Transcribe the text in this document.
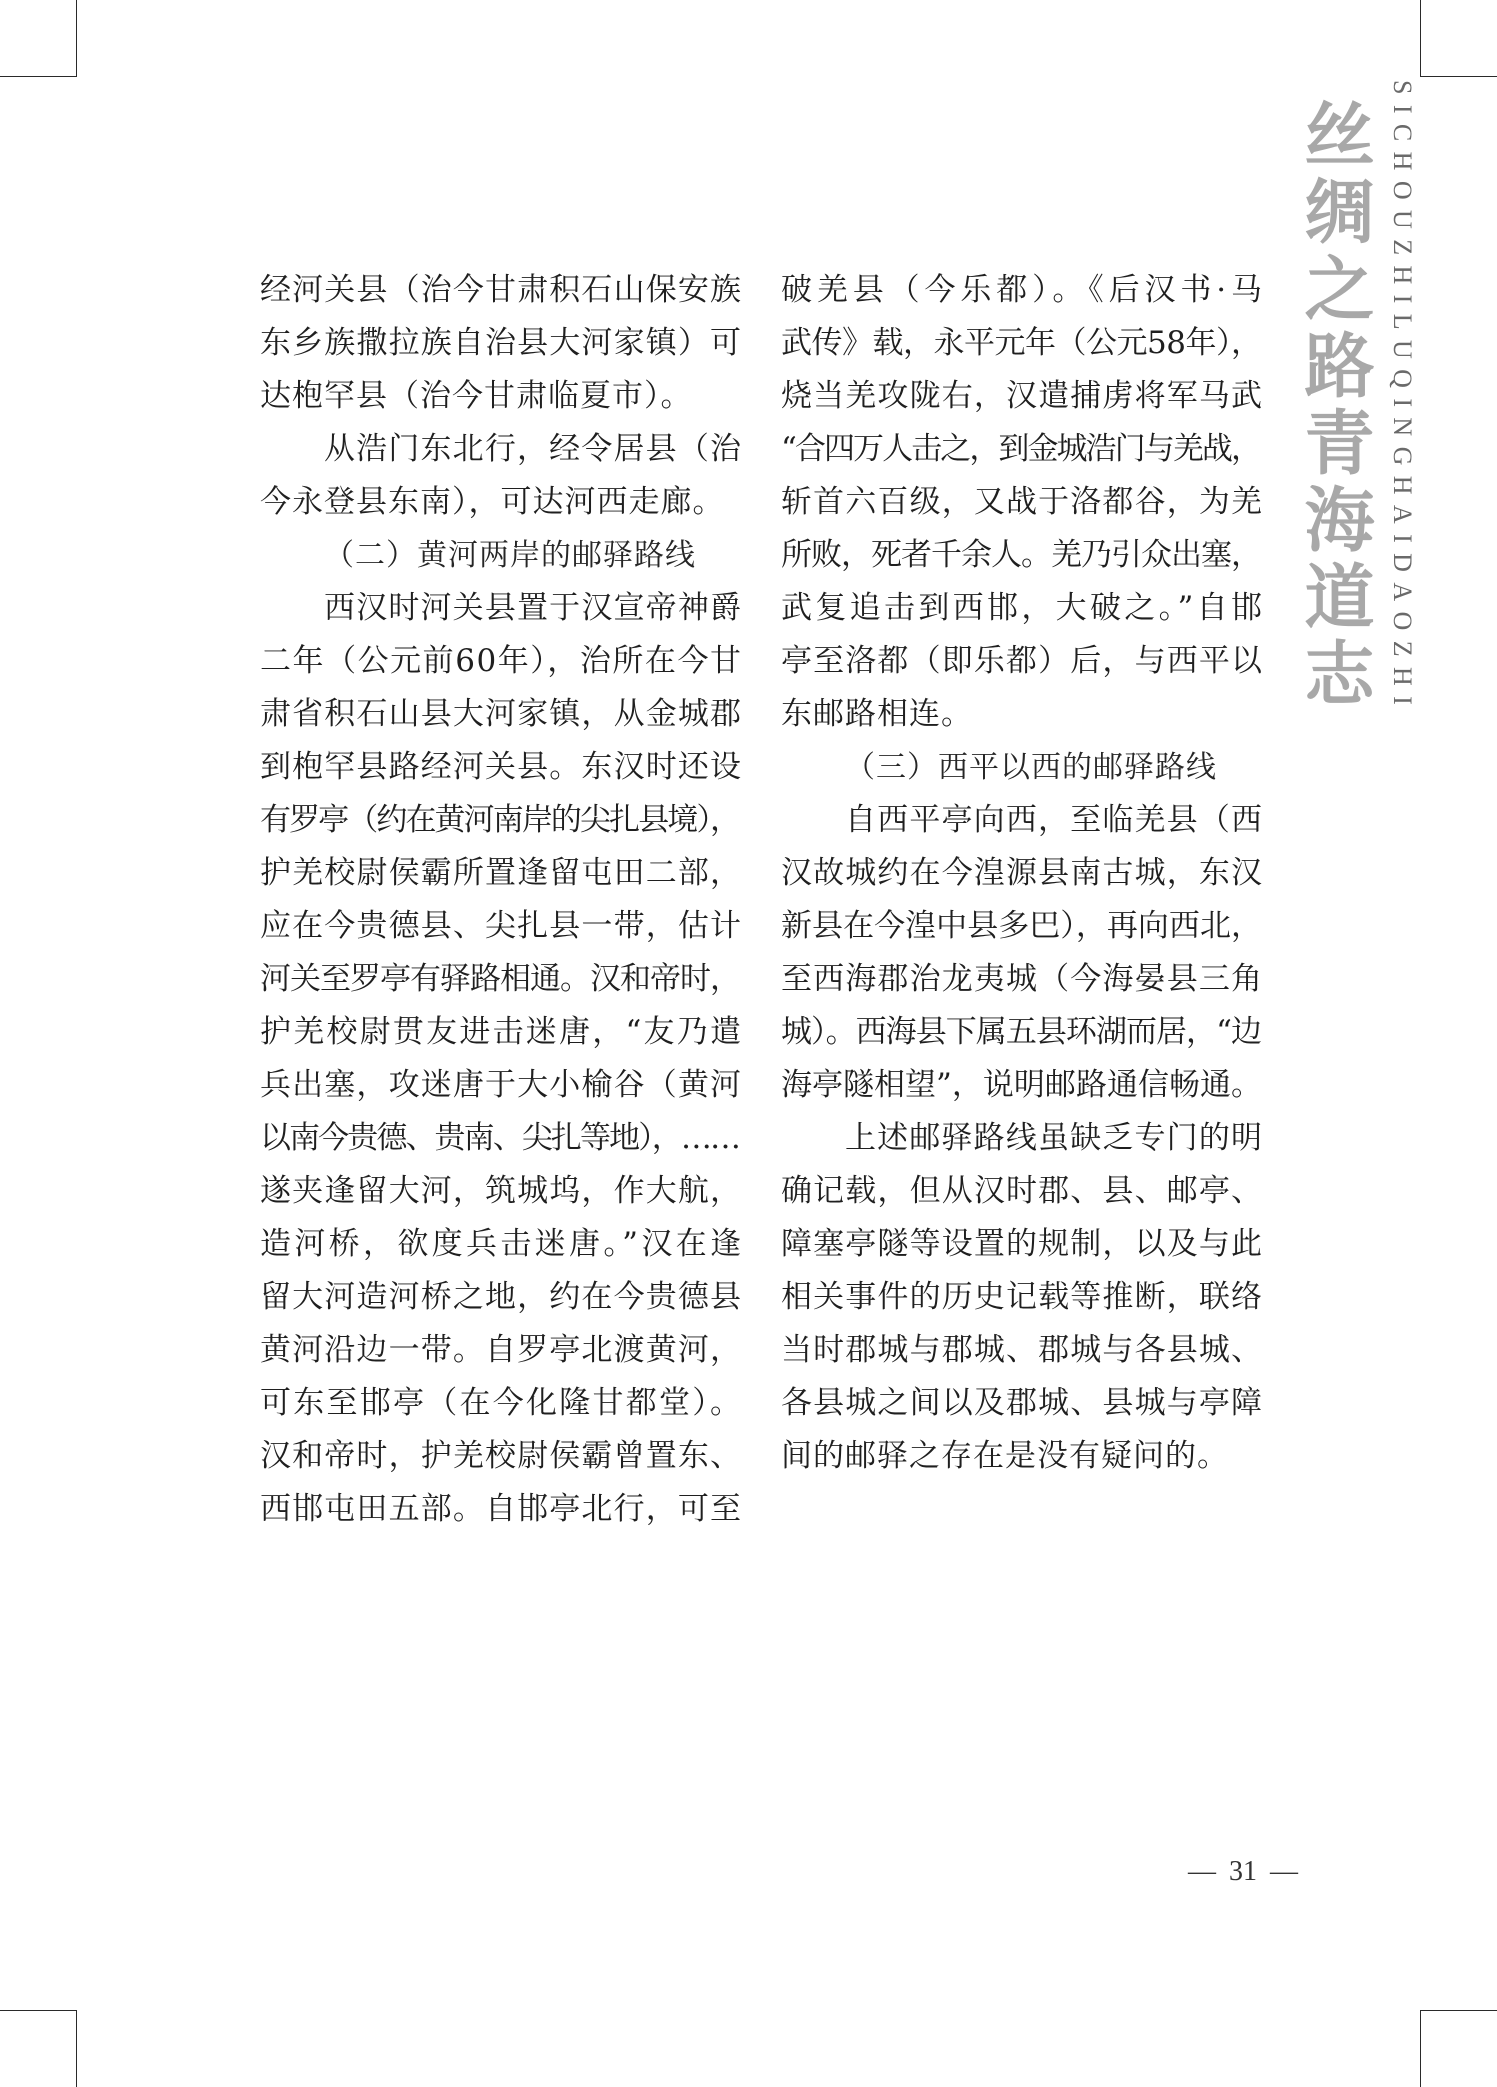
丝绸之路青海道志 SICHOUZHILUQINGHAIDAOZHI
经河关县（治今甘肃积石山保安族
东乡族撒拉族自治县大河家镇）可
达枹罕县（治今甘肃临夏市）。
从浩门东北行，经令居县（治
今永登县东南），可达河西走廊。
（二）黄河两岸的邮驿路线
西汉时河关县置于汉宣帝神爵
二年（公元前60年），治所在今甘
肃省积石山县大河家镇，从金城郡
到枹罕县路经河关县。东汉时还设
有罗亭（约在黄河南岸的尖扎县境），
护羌校尉侯霸所置逢留屯田二部，
应在今贵德县、尖扎县一带，估计
河关至罗亭有驿路相通。汉和帝时，
护羌校尉贯友进击迷唐，“友乃遣
兵出塞，攻迷唐于大小榆谷（黄河
以南今贵德、贵南、尖扎等地），……
遂夹逢留大河，筑城坞，作大航，
造河桥，欲度兵击迷唐。”汉在逢
留大河造河桥之地，约在今贵德县
黄河沿边一带。自罗亭北渡黄河，
可东至邯亭（在今化隆甘都堂）。
汉和帝时，护羌校尉侯霸曾置东、
西邯屯田五部。自邯亭北行，可至
破羌县（今乐都）。《后汉书·马
武传》载，永平元年（公元58年），
烧当羌攻陇右，汉遣捕虏将军马武
“合四万人击之，到金城浩门与羌战，
斩首六百级，又战于洛都谷，为羌
所败，死者千余人。羌乃引众出塞，
武复追击到西邯，大破之。”自邯
亭至洛都（即乐都）后，与西平以
东邮路相连。
（三）西平以西的邮驿路线
自西平亭向西，至临羌县（西
汉故城约在今湟源县南古城，东汉
新县在今湟中县多巴），再向西北，
至西海郡治龙夷城（今海晏县三角
城）。西海县下属五县环湖而居，“边
海亭隧相望”，说明邮路通信畅通。
上述邮驿路线虽缺乏专门的明
确记载，但从汉时郡、县、邮亭、
障塞亭隧等设置的规制，以及与此
相关事件的历史记载等推断，联络
当时郡城与郡城、郡城与各县城、
各县城之间以及郡城、县城与亭障
间的邮驿之存在是没有疑问的。
— 31 —
